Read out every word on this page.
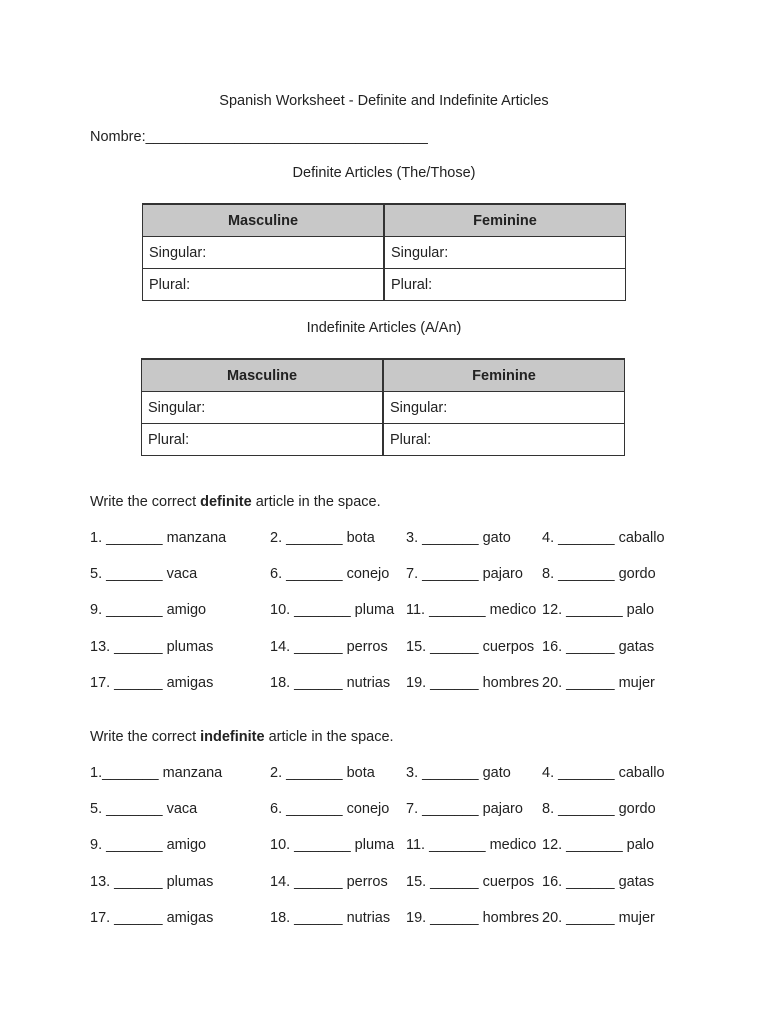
Spanish Worksheet - Definite and Indefinite Articles
Nombre:___________________________________
Definite Articles (The/Those)
Masculine	Feminine
Singular:	Singular:
Plural:	Plural:
Indefinite Articles (A/An)
Masculine	Feminine
Singular:	Singular:
Plural:	Plural:
Write the correct definite article in the space.
1. _______ manzana	2. _______ bota 3. _______ gato 4. _______ caballo
5. _______ vaca	6. _______ conejo 7. _______ pajaro 8. _______ gordo
9. _______ amigo	10. _______ pluma 11. _______ medico 12. _______ palo
13. ______ plumas	14. ______ perros 15. ______ cuerpos 16. ______ gatas
17. ______ amigas	18. ______ nutrias 19. ______ hombres 20. ______ mujer
Write the correct indefinite article in the space.
1._______ manzana	2. _______ bota 3. _______ gato 4. _______ caballo
5. _______ vaca	6. _______ conejo 7. _______ pajaro 8. _______ gordo
9. _______ amigo	10. _______ pluma 11. _______ medico 12. _______ palo
13. ______ plumas	14. ______ perros 15. ______ cuerpos 16. ______ gatas
17. ______ amigas	18. ______ nutrias 19. ______ hombres 20. ______ mujer
